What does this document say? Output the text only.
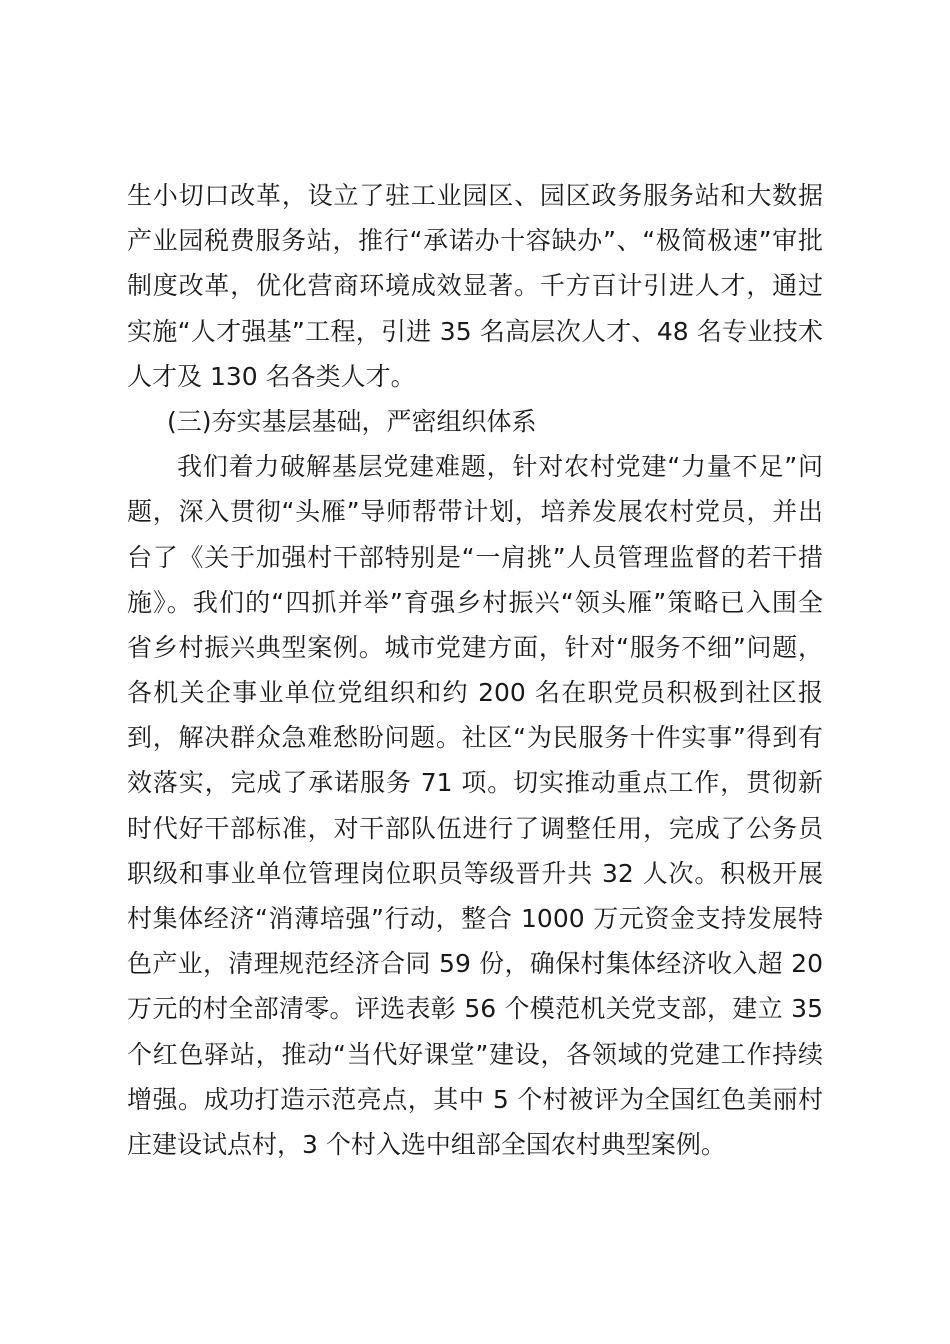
生小切口改革，设立了驻工业园区、园区政务服务站和大数据
产业园税费服务站，推行“承诺办十容缺办”、“极简极速”审批
制度改革，优化营商环境成效显著。千方百计引进人才，通过
实施“人才强基”工程，引进 35 名高层次人才、48 名专业技术
人才及 130 名各类人才。
(三)夯实基层基础，严密组织体系
我们着力破解基层党建难题，针对农村党建“力量不足”问
题，深入贯彻“头雁”导师帮带计划，培养发展农村党员，并出
台了《关于加强村干部特别是“一肩挑”人员管理监督的若干措
施》。我们的“四抓并举”育强乡村振兴“领头雁”策略已入围全
省乡村振兴典型案例。城市党建方面，针对“服务不细”问题，
各机关企事业单位党组织和约 200 名在职党员积极到社区报
到，解决群众急难愁盼问题。社区“为民服务十件实事”得到有
效落实，完成了承诺服务 71 项。切实推动重点工作，贯彻新
时代好干部标准，对干部队伍进行了调整任用，完成了公务员
职级和事业单位管理岗位职员等级晋升共 32 人次。积极开展
村集体经济“消薄培强”行动，整合 1000 万元资金支持发展特
色产业，清理规范经济合同 59 份，确保村集体经济收入超 20
万元的村全部清零。评选表彰 56 个模范机关党支部，建立 35
个红色驿站，推动“当代好课堂”建设，各领域的党建工作持续
增强。成功打造示范亮点，其中 5 个村被评为全国红色美丽村
庄建设试点村，3 个村入选中组部全国农村典型案例。
